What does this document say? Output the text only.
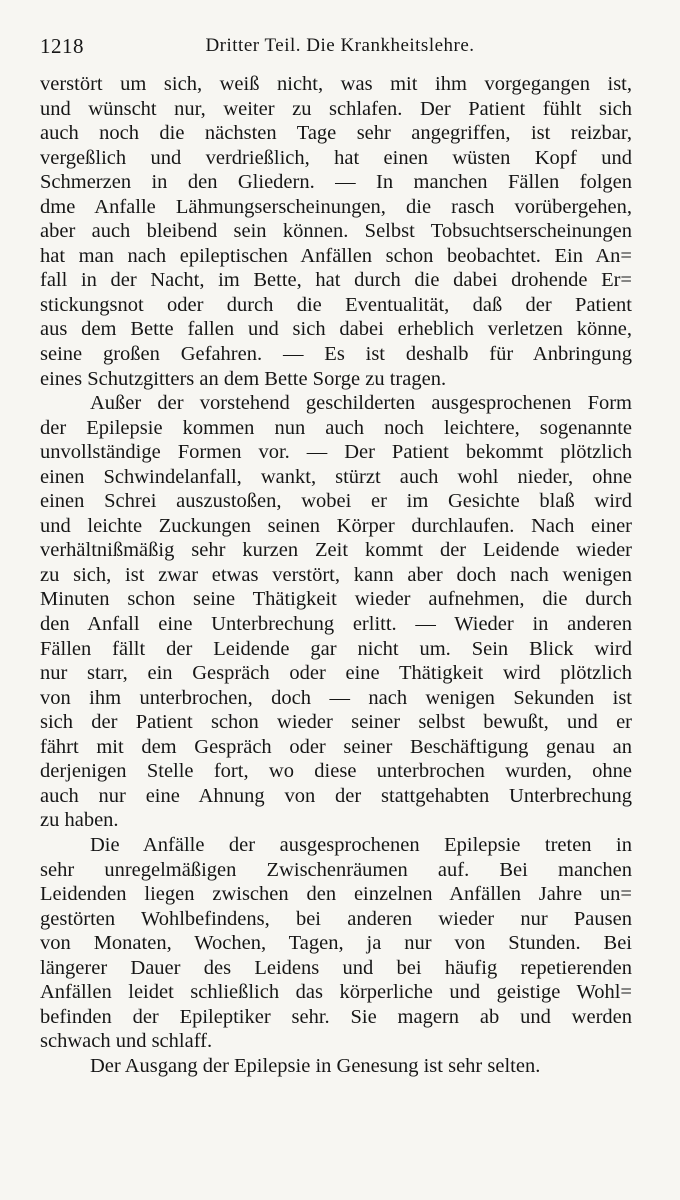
1218	Dritter Teil. Die Krankheitslehre.
verstört um sich, weiß nicht, was mit ihm vorgegangen ist,
und wünscht nur, weiter zu schlafen. Der Patient fühlt sich
auch noch die nächsten Tage sehr angegriffen, ist reizbar,
vergeßlich und verdrießlich, hat einen wüsten Kopf und
Schmerzen in den Gliedern. — In manchen Fällen folgen
dme Anfalle Lähmungserscheinungen, die rasch vorübergehen,
aber auch bleibend sein können. Selbst Tobsuchtserscheinungen
hat man nach epileptischen Anfällen schon beobachtet. Ein An=
fall in der Nacht, im Bette, hat durch die dabei drohende Er=
stickungsnot oder durch die Eventualität, daß der Patient
aus dem Bette fallen und sich dabei erheblich verletzen könne,
seine großen Gefahren. — Es ist deshalb für Anbringung
eines Schutzgitters an dem Bette Sorge zu tragen.
Außer der vorstehend geschilderten ausgesprochenen Form
der Epilepsie kommen nun auch noch leichtere, sogenannte
unvollständige Formen vor. — Der Patient bekommt plötzlich
einen Schwindelanfall, wankt, stürzt auch wohl nieder, ohne
einen Schrei auszustoßen, wobei er im Gesichte blaß wird
und leichte Zuckungen seinen Körper durchlaufen. Nach einer
verhältnißmäßig sehr kurzen Zeit kommt der Leidende wieder
zu sich, ist zwar etwas verstört, kann aber doch nach wenigen
Minuten schon seine Thätigkeit wieder aufnehmen, die durch
den Anfall eine Unterbrechung erlitt. — Wieder in anderen
Fällen fällt der Leidende gar nicht um. Sein Blick wird
nur starr, ein Gespräch oder eine Thätigkeit wird plötzlich
von ihm unterbrochen, doch — nach wenigen Sekunden ist
sich der Patient schon wieder seiner selbst bewußt, und er
fährt mit dem Gespräch oder seiner Beschäftigung genau an
derjenigen Stelle fort, wo diese unterbrochen wurden, ohne
auch nur eine Ahnung von der stattgehabten Unterbrechung
zu haben.
Die Anfälle der ausgesprochenen Epilepsie treten in
sehr unregelmäßigen Zwischenräumen auf. Bei manchen
Leidenden liegen zwischen den einzelnen Anfällen Jahre un=
gestörten Wohlbefindens, bei anderen wieder nur Pausen
von Monaten, Wochen, Tagen, ja nur von Stunden. Bei
längerer Dauer des Leidens und bei häufig repetierenden
Anfällen leidet schließlich das körperliche und geistige Wohl=
befinden der Epileptiker sehr. Sie magern ab und werden
schwach und schlaff.
Der Ausgang der Epilepsie in Genesung ist sehr selten.
